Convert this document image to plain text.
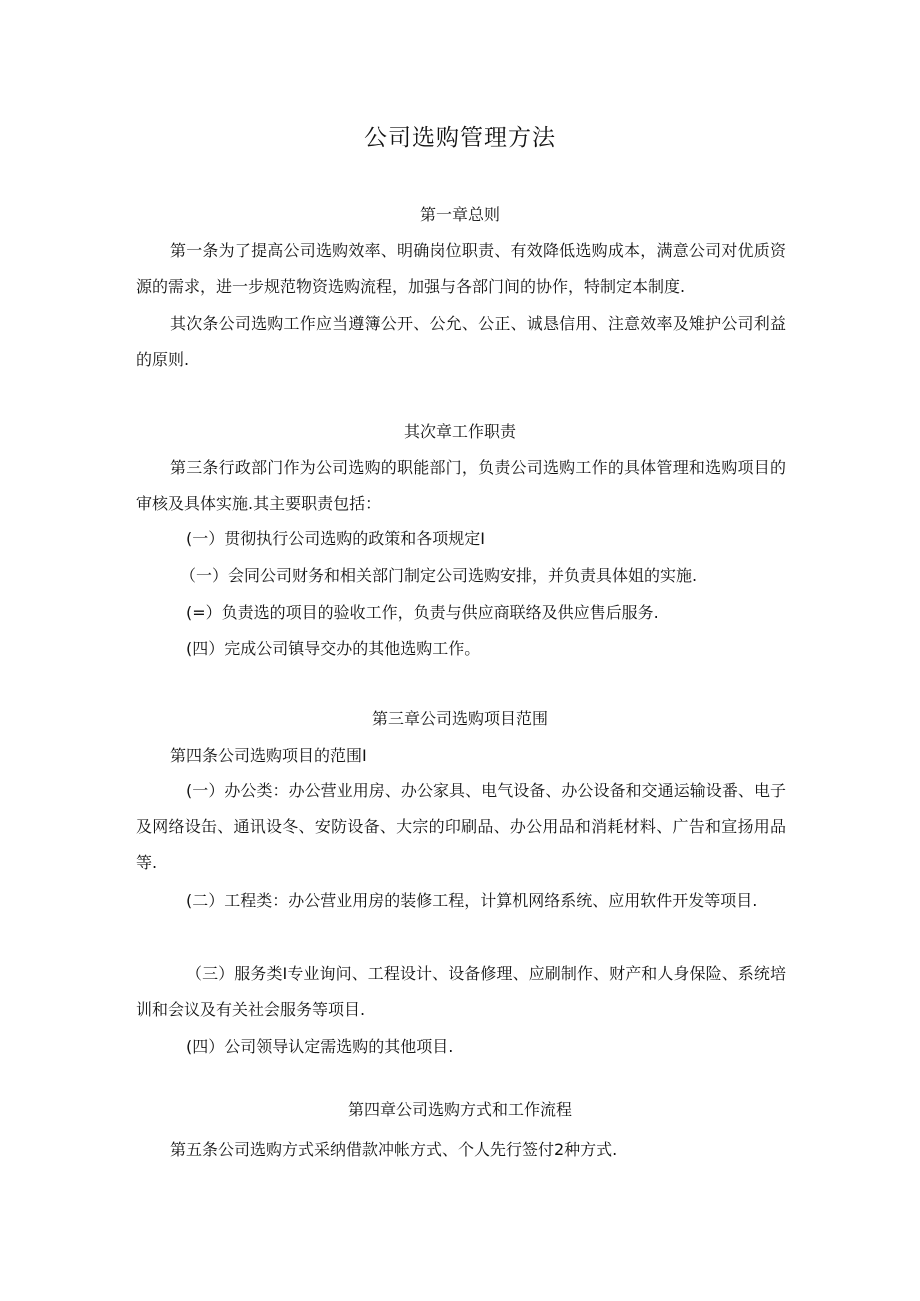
公司选购管理方法
第一章总则
第一条为了提高公司选购效率、明确岗位职责、有效降低选购成本，满意公司对优质资源的需求，进一步规范物资选购流程，加强与各部门间的协作，特制定本制度.
其次条公司选购工作应当遵簿公开、公允、公正、诚恳信用、注意效率及雉护公司利益的原则.
其次章工作职责
第三条行政部门作为公司选购的职能部门，负责公司选购工作的具体管理和选购项目的审核及具体实施.其主要职责包括：
(一）贯彻执行公司选购的政策和各项规定I
（一）会同公司财务和相关部门制定公司选购安排，并负责具体姐的实施.
(=）负责选的项目的验收工作，负责与供应商联络及供应售后服务.
(四）完成公司镇导交办的其他选购工作。
第三章公司选购项目范围
第四条公司选购项目的范围I
(一）办公类：办公营业用房、办公家具、电气设备、办公设备和交通运输设番、电子及网络设缶、通讯设冬、安防设备、大宗的印刷品、办公用品和消耗材料、广告和宣扬用品等.
(二）工程类：办公营业用房的装修工程，计算机网络系统、应用软件开发等项目.
（三）服务类I专业询问、工程设计、设备修理、应刷制作、财产和人身保险、系统培训和会议及有关社会服务等项目.
(四）公司领导认定需选购的其他项目.
第四章公司选购方式和工作流程
第五条公司选购方式采纳借款冲帐方式、个人先行签付2种方式.
